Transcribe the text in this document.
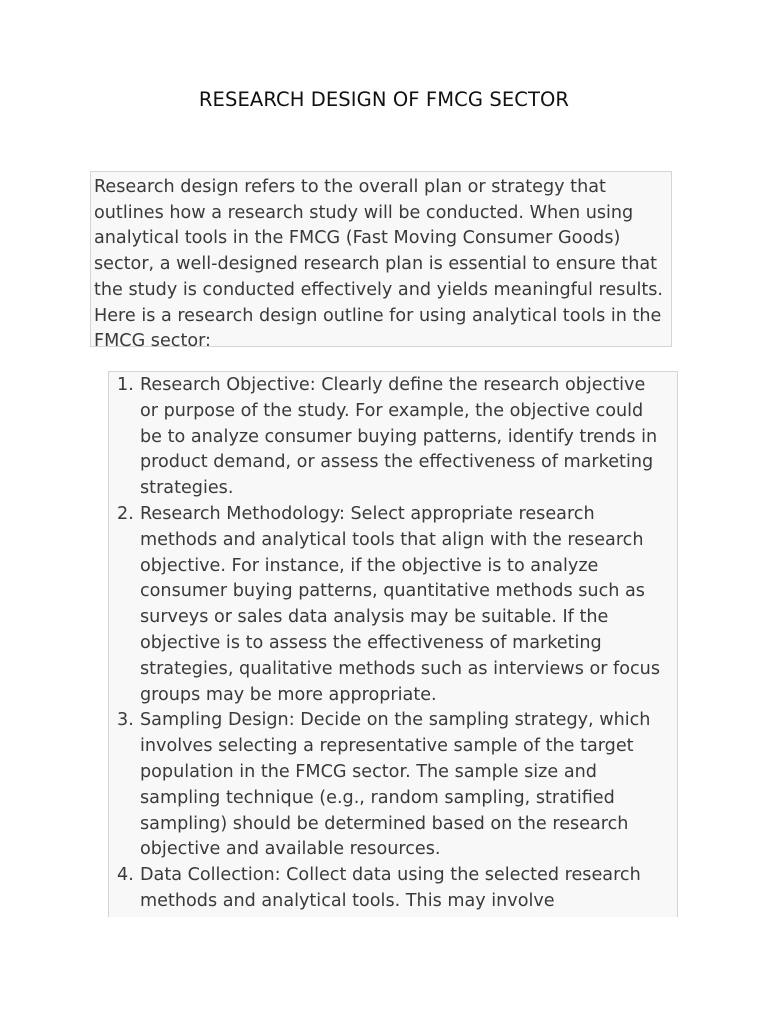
RESEARCH DESIGN OF FMCG SECTOR
Research design refers to the overall plan or strategy that
outlines how a research study will be conducted. When using
analytical tools in the FMCG (Fast Moving Consumer Goods)
sector, a well-designed research plan is essential to ensure that
the study is conducted effectively and yields meaningful results.
Here is a research design outline for using analytical tools in the
FMCG sector:
1. Research Objective: Clearly define the research objective
or purpose of the study. For example, the objective could
be to analyze consumer buying patterns, identify trends in
product demand, or assess the effectiveness of marketing
strategies.
2. Research Methodology: Select appropriate research
methods and analytical tools that align with the research
objective. For instance, if the objective is to analyze
consumer buying patterns, quantitative methods such as
surveys or sales data analysis may be suitable. If the
objective is to assess the effectiveness of marketing
strategies, qualitative methods such as interviews or focus
groups may be more appropriate.
3. Sampling Design: Decide on the sampling strategy, which
involves selecting a representative sample of the target
population in the FMCG sector. The sample size and
sampling technique (e.g., random sampling, stratified
sampling) should be determined based on the research
objective and available resources.
4. Data Collection: Collect data using the selected research
methods and analytical tools. This may involve
